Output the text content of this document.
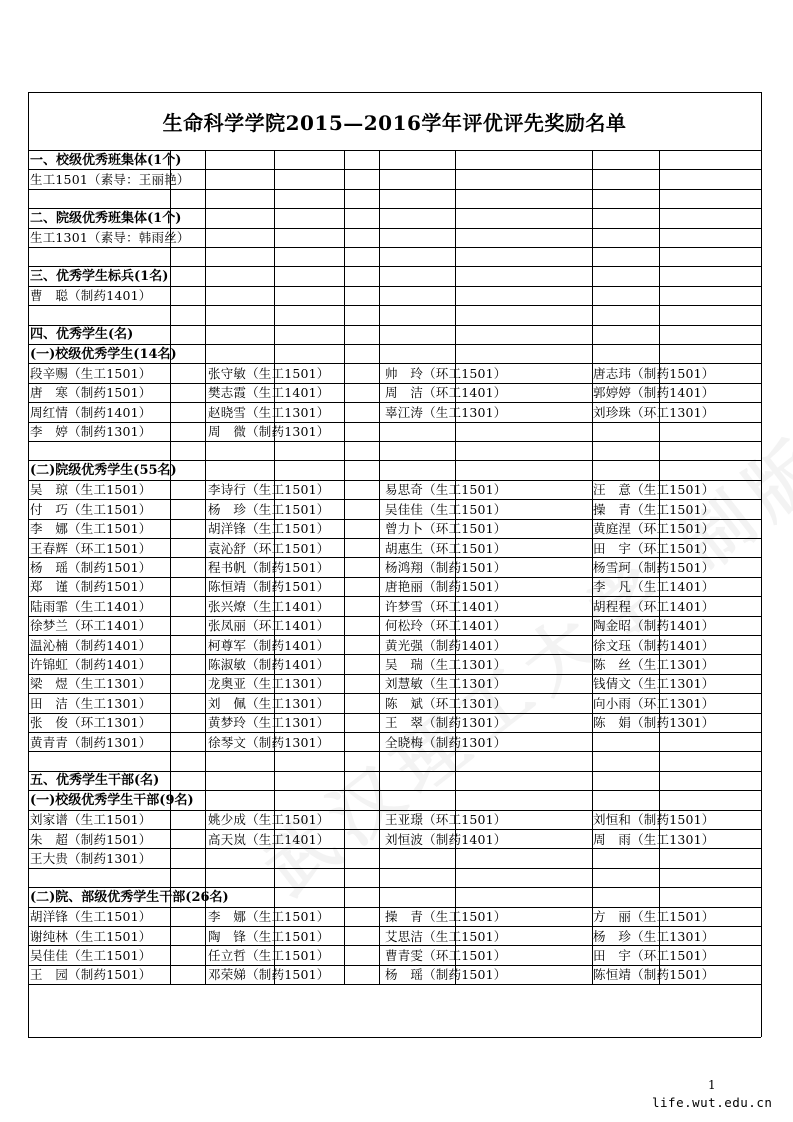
生命科学学院2015—2016学年评优评先奖励名单
一、校级优秀班集体(1个)
生工1501（素导：王丽艳）
二、院级优秀班集体(1个)
生工1301（素导：韩雨丝）
三、优秀学生标兵(1名)
曹　聪（制药1401）
四、优秀学生(名)
(一)校级优秀学生(14名)
段辛赐（生工1501）	张守敏（生工1501）	帅　玲（环工1501）	唐志玮（制药1501）
唐　寒（制药1501）	樊志霞（生工1401）	周　洁（环工1401）	郭婷婷（制药1401）
周红情（制药1401）	赵晓雪（生工1301）	辜江涛（生工1301）	刘珍珠（环工1301）
李　婷（制药1301）	周　微（制药1301）
(二)院级优秀学生(55名)
吴　琼（生工1501）	李诗行（生工1501）	易思奇（生工1501）	汪　意（生工1501）
付　巧（生工1501）	杨　珍（生工1501）	吴佳佳（生工1501）	操　青（生工1501）
李　娜（生工1501）	胡洋锋（生工1501）	曾力卜（环工1501）	黄庭涅（环工1501）
王春辉（环工1501）	袁沁舒（环工1501）	胡惠生（环工1501）	田　宇（环工1501）
杨　瑶（制药1501）	程书帆（制药1501）	杨鸿翔（制药1501）	杨雪珂（制药1501）
郑　谨（制药1501）	陈恒靖（制药1501）	唐艳丽（制药1501）	李　凡（生工1401）
陆雨霏（生工1401）	张兴燎（生工1401）	许梦雪（环工1401）	胡程程（环工1401）
徐梦兰（环工1401）	张凤丽（环工1401）	何松玲（环工1401）	陶金昭（制药1401）
温沁楠（制药1401）	柯尊军（制药1401）	黄光强（制药1401）	徐文珏（制药1401）
许锦虹（制药1401）	陈淑敏（制药1401）	吴　瑞（生工1301）	陈　丝（生工1301）
梁　煜（生工1301）	龙奥亚（生工1301）	刘慧敏（生工1301）	钱倩文（生工1301）
田　洁（生工1301）	刘　佩（生工1301）	陈　斌（环工1301）	向小雨（环工1301）
张　俊（环工1301）	黄梦玲（生工1301）	王　翠（制药1301）	陈　娟（制药1301）
黄青青（制药1301）	徐琴文（制药1301）	全晓梅（制药1301）
五、优秀学生干部(名)
(一)校级优秀学生干部(9名)
刘家谱（生工1501）	姚少成（生工1501）	王亚璟（环工1501）	刘恒和（制药1501）
朱　超（制药1501）	高天岚（生工1401）	刘恒波（制药1401）	周　雨（生工1301）
王大贵（制药1301）
(二)院、部级优秀学生干部(26名)
胡洋锋（生工1501）	李　娜（生工1501）	操　青（生工1501）	方　丽（生工1501）
谢纯林（生工1501）	陶　锋（生工1501）	艾思洁（生工1501）	杨　珍（生工1301）
吴佳佳（生工1501）	任立哲（生工1501）	曹青雯（环工1501）	田　宇（环工1501）
王　园（制药1501）	邓荣娣（制药1501）	杨　瑶（制药1501）	陈恒靖（制药1501）
1
life.wut.edu.cn
